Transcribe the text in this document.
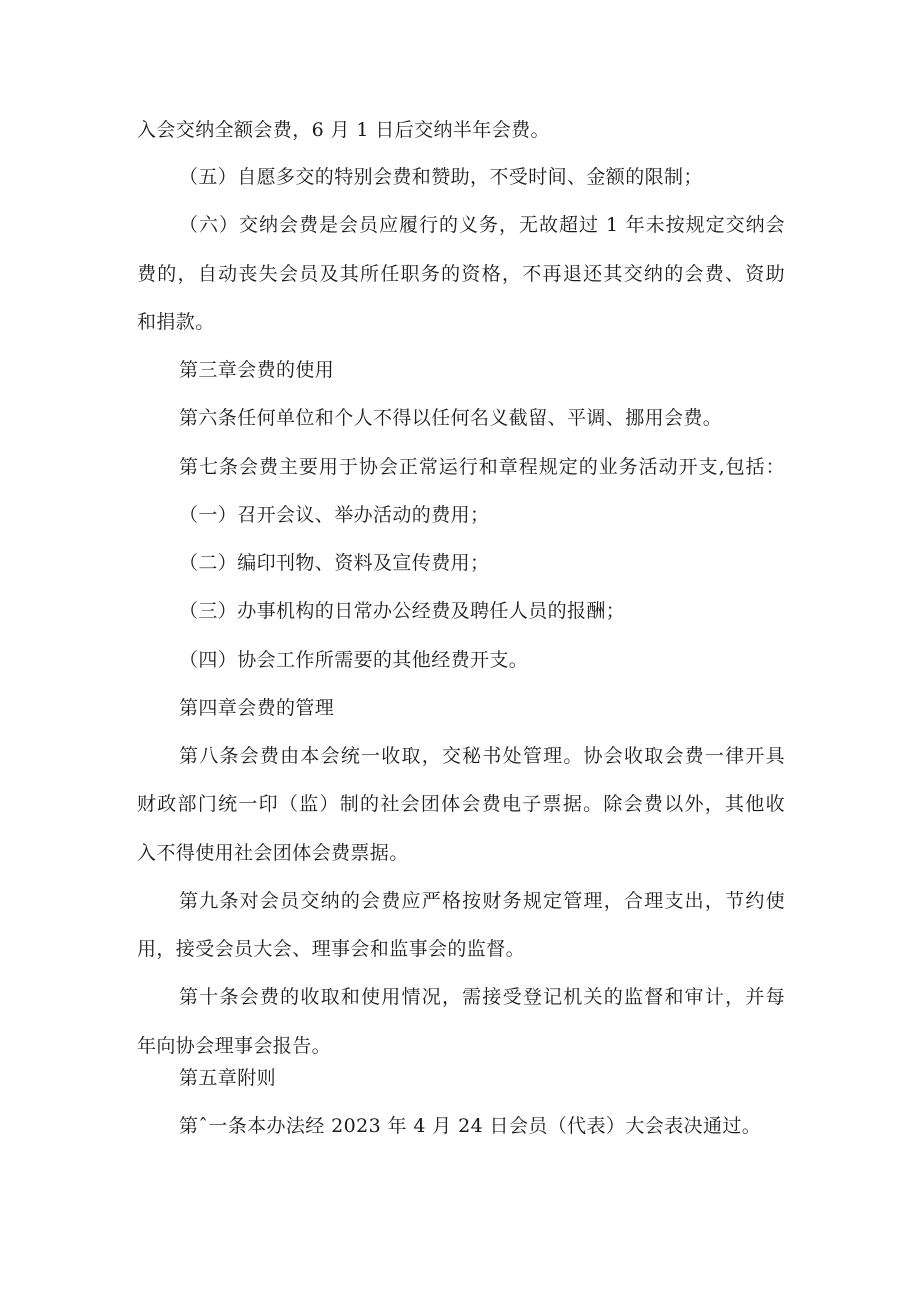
入会交纳全额会费，6 月 1 日后交纳半年会费。
（五）自愿多交的特别会费和赞助，不受时间、金额的限制；
（六）交纳会费是会员应履行的义务，无故超过 1 年未按规定交纳会
费的，自动丧失会员及其所任职务的资格，不再退还其交纳的会费、资助
和捐款。
第三章会费的使用
第六条任何单位和个人不得以任何名义截留、平调、挪用会费。
第七条会费主要用于协会正常运行和章程规定的业务活动开支,包括：
（一）召开会议、举办活动的费用；
（二）编印刊物、资料及宣传费用；
（三）办事机构的日常办公经费及聘任人员的报酬；
（四）协会工作所需要的其他经费开支。
第四章会费的管理
第八条会费由本会统一收取，交秘书处管理。协会收取会费一律开具
财政部门统一印（监）制的社会团体会费电子票据。除会费以外，其他收
入不得使用社会团体会费票据。
第九条对会员交纳的会费应严格按财务规定管理，合理支出，节约使
用，接受会员大会、理事会和监事会的监督。
第十条会费的收取和使用情况，需接受登记机关的监督和审计，并每
年向协会理事会报告。
第五章附则
第ˆ一条本办法经 2023 年 4 月 24 日会员（代表）大会表决通过。
